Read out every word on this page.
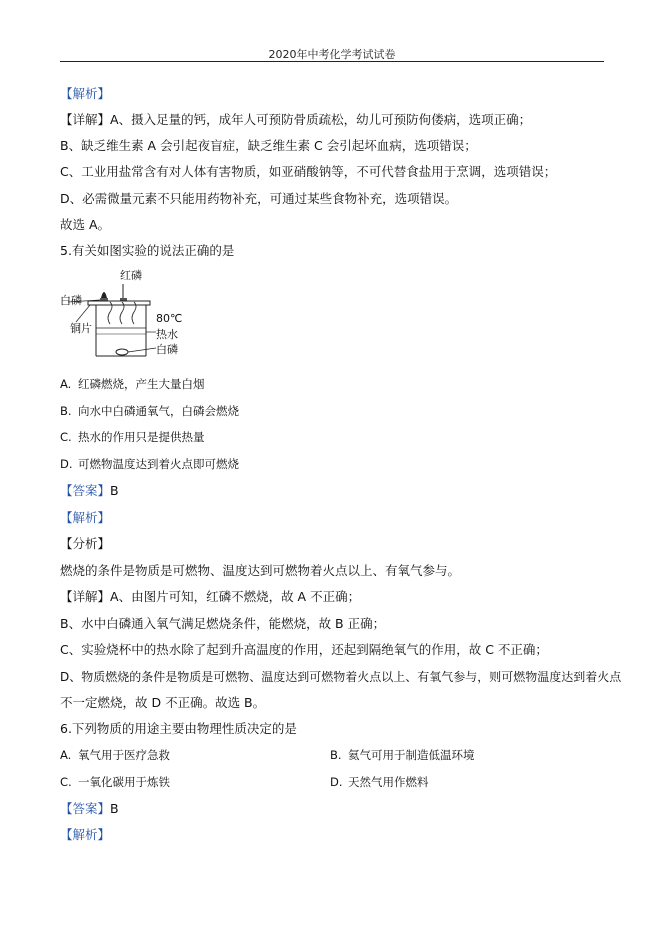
2020年中考化学考试试卷
【解析】
【详解】A、摄入足量的钙，成年人可预防骨质疏松，幼儿可预防佝偻病，选项正确；
B、缺乏维生素 A 会引起夜盲症，缺乏维生素 C 会引起坏血病，选项错误；
C、工业用盐常含有对人体有害物质，如亚硝酸钠等，不可代替食盐用于烹调，选项错误；
D、必需微量元素不只能用药物补充，可通过某些食物补充，选项错误。
故选 A。
5.有关如图实验的说法正确的是
红磷
白磷
铜片
80℃
热水
白磷
A. 红磷燃烧，产生大量白烟
B. 向水中白磷通氧气，白磷会燃烧
C. 热水的作用只是提供热量
D. 可燃物温度达到着火点即可燃烧
【答案】B
【解析】
【分析】
燃烧的条件是物质是可燃物、温度达到可燃物着火点以上、有氧气参与。
【详解】A、由图片可知，红磷不燃烧，故 A 不正确；
B、水中白磷通入氧气满足燃烧条件，能燃烧，故 B 正确；
C、实验烧杯中的热水除了起到升高温度的作用，还起到隔绝氧气的作用，故 C 不正确；
D、物质燃烧的条件是物质是可燃物、温度达到可燃物着火点以上、有氧气参与，则可燃物温度达到着火点
不一定燃烧，故 D 不正确。故选 B。
6.下列物质的用途主要由物理性质决定的是
A. 氧气用于医疗急救	B. 氦气可用于制造低温环境
C. 一氧化碳用于炼铁	D. 天然气用作燃料
【答案】B
【解析】
